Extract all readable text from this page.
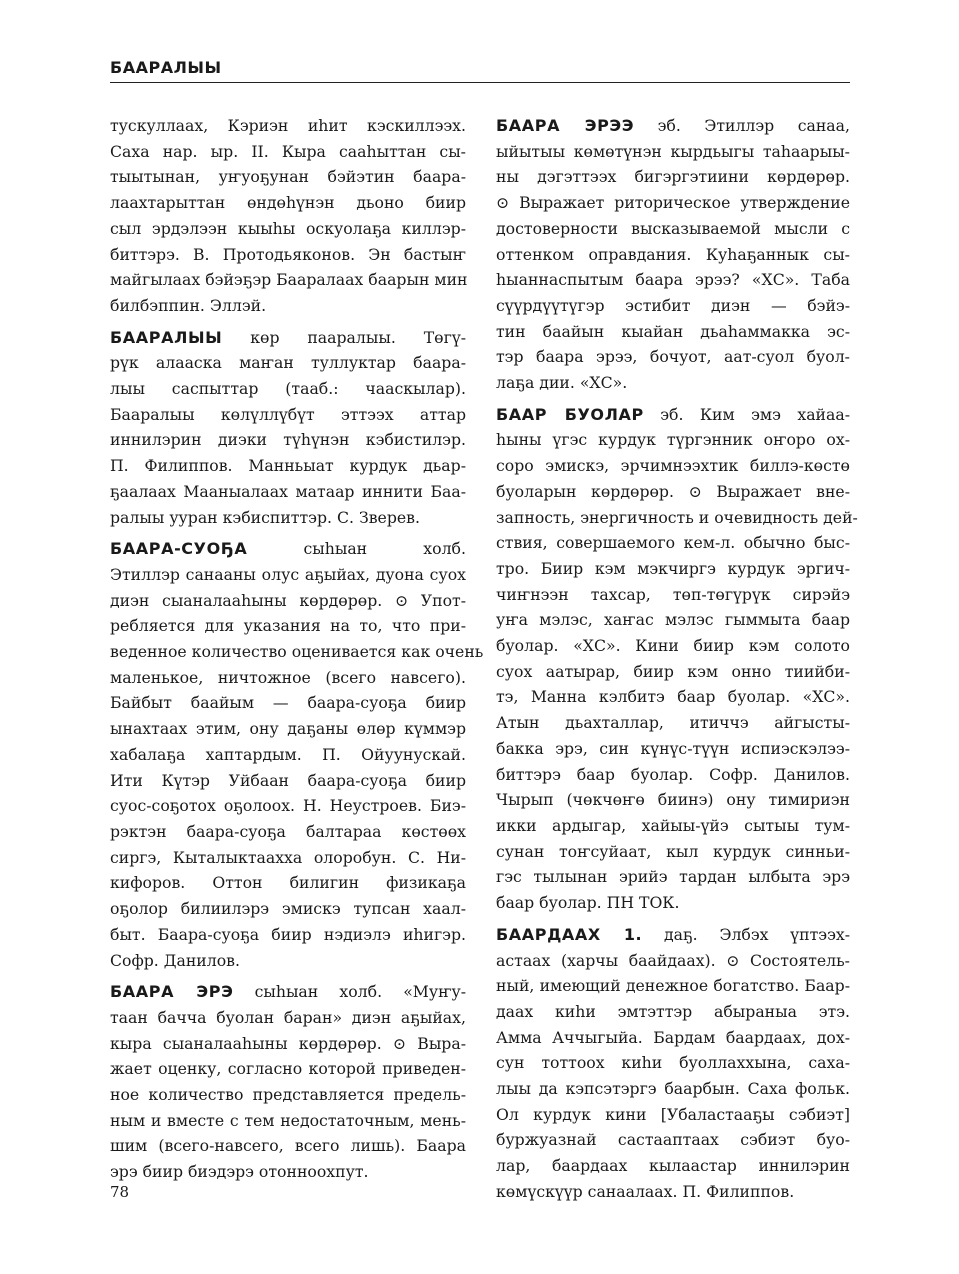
БААРАЛЫЫ
тускуллаах, Кэриэн иhит кэскиллээх.
Саха нар. ыр. II. Кыра сааhыттан сы-
тыытынан, уҥуоҕунан бэйэтин баара-
лаахтарыттан өндөhүнэн дьоно биир
сыл эрдэлээн кыыhы оскуолаҕа киллэр-
биттэрэ. В. Протодьяконов. Эн бастыҥ
майгылаах бэйэҕэр Бааралаах баарын мин
билбэппин. Эллэй.
БААРАЛЫЫ көр пааралыы. Төгү-
рүк алааска маҥан туллуктар баара-
лыы саспыттар (тааб.: чааскылар).
Бааралыы көлүллүбүт эттээх аттар
иннилэрин диэки түhүнэн кэбистилэр.
П. Филиппов. Манньыат курдук дьар-
ҕаалаах Мааныалаах матаар иннити Баа-
ралыы ууран кэбиспиттэр. С. Зверев.
БААРА-СУОҔА сыhыан холб.
Этиллэр санааны олус аҕыйах, дуона суох
диэн сыаналааhыны көрдөрөр. ⊙ Упот-
ребляется для указания на то, что при-
веденное количество оценивается как очень
маленькое, ничтожное (всего навсего).
Байбыт баайым — баара-суоҕа биир
ынахтаах этим, ону даҕаны өлөр күммэр
хабалаҕа хаптардым. П. Ойуунускай.
Ити Күтэр Уйбаан баара-суоҕа биир
суос-соҕотох оҕолоох. Н. Неустроев. Биэ-
рэктэн баара-суоҕа балтараа көстөөх
сиргэ, Кыталыктааххa олоробун. С. Ни-
кифоров. Оттон билигин физикаҕа
оҕолор билиилэрэ эмискэ тупсан хаал-
быт. Баара-суоҕа биир нэдиэлэ иhигэр.
Софр. Данилов.
БААРА ЭРЭ сыhыан холб. «Муҥу-
таан бачча буолан баран» диэн аҕыйах,
кыра сыаналааhыны көрдөрөр. ⊙ Выра-
жает оценку, согласно которой приведен-
ное количество представляется предель-
ным и вместе с тем недостаточным, мень-
шим (всего-навсего, всего лишь). Баара
эрэ биир биэдэрэ отонноохпут.
БААРА ЭРЭЭ эб. Этиллэр санаа,
ыйытыы көмөтүнэн кырдьыгы таhаарыы-
ны дэгэттээх бигэргэтиини көрдөрөр.
⊙ Выражает риторическое утверждение
достоверности высказываемой мысли с
оттенком оправдания. Куhаҕаннык сы-
hыаннаспытым баара эрээ? «ХС». Таба
сүүрдүүтүгэр эстибит диэн — бэйэ-
тин баайын кыайан дьаhаммакка эс-
тэр баара эрээ, бочуот, аат-суол буол-
лаҕа дии. «ХС».
БААР БУОЛАР эб. Ким эмэ хайаа-
hыны үгэс курдук түргэнник оҥоро ох-
соро эмискэ, эрчимнээхтик биллэ-көстө
буоларын көрдөрөр. ⊙ Выражает вне-
запность, энергичность и очевидность дей-
ствия, совершаемого кем-л. обычно быс-
тро. Биир кэм мэкчиргэ курдук эргич-
чиҥнээн тахсар, төп-төгүрүк сирэйэ
уҥа мэлэс, хаҥас мэлэс гыммыта баар
буолар. «ХС». Кини биир кэм солото
суох аатырар, биир кэм онно тиийби-
тэ, Манна кэлбитэ баар буолар. «ХС».
Атын дьахталлар, итиччэ айгысты-
бакка эрэ, син күнүс-түүн испиэскэлээ-
биттэрэ баар буолар. Софр. Данилов.
Чырып (чөкчөҥө биинэ) ону тимириэн
икки ардыгар, хайыы-үйэ сытыы тум-
сунан тоҥсуйаат, кыл курдук синньи-
гэс тылынан эрийэ тардан ылбыта эрэ
баар буолар. ПН ТОК.
БААРДААХ 1. даҕ. Элбэх үптээх-
астаах (харчы баайдаах). ⊙ Состоятель-
ный, имеющий денежное богатство. Баар-
даах киhи эмтэттэр абыраныа этэ.
Амма Аччыгыйа. Бардам баардаах, дох-
сун тоттоох киhи буоллаххына, саха-
лыы да кэпсэтэргэ баарбын. Саха фольк.
Ол курдук кини [Убаластааҕы сэбиэт]
буржуазнай састааптаах сэбиэт буо-
лар, баардаах кылаастар иннилэрин
көмүскүүр санаалаах. П. Филиппов.
78
